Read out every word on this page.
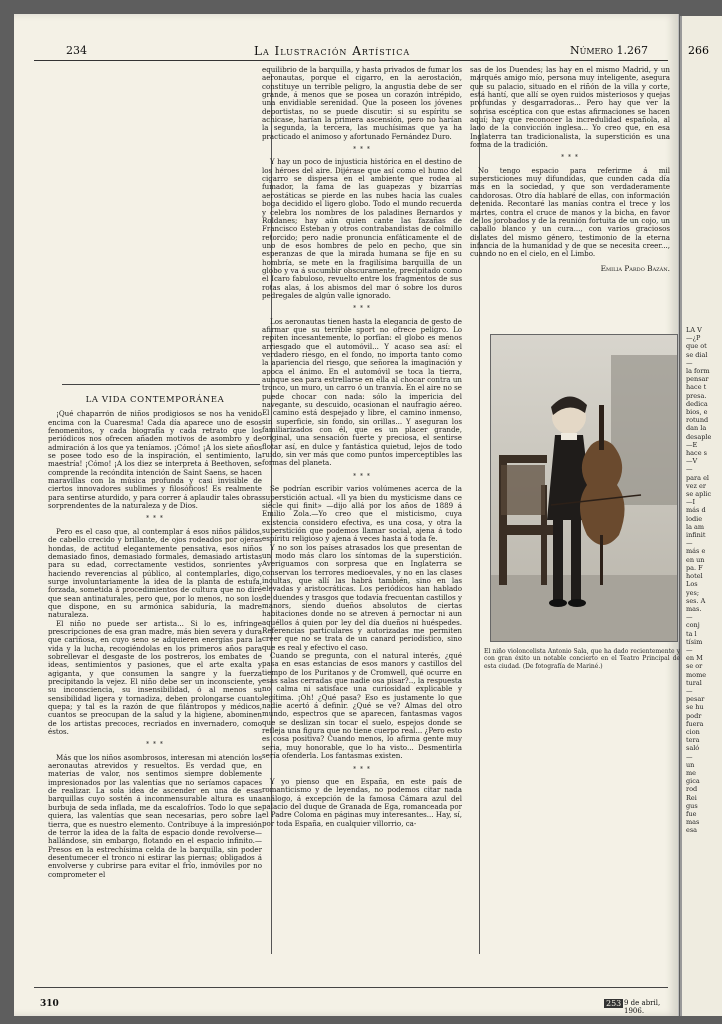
234	La Ilustración Artística	Número 1.267
LA VIDA CONTEMPORÁNEA

¡Qué chaparrón de niños prodigiosos se nos ha venido encima con la Cuaresma! Cada día aparece uno de esos fenomenitos, y cada biografía y cada retrato que los periódicos nos ofrecen añaden motivos de asombro y de admiración á los que ya teníamos. ¡Cómo! ¡A los siete años se posee todo eso de la inspiración, el sentimiento, la maestría! ¡Cómo! ¡A los diez se interpreta á Beethoven, se comprende la recóndita intención de Saint Saens, se hacen maravillas con la música profunda y casi invisible de ciertos innovadores sublimes y filosóficos! Es realmente para sentirse aturdido, y para correr á aplaudir tales obras sorprendentes de la naturaleza y de Dios.

* * *

Pero es el caso que, al contemplar á esos niños pálidos, de cabello crecido y brillante, de ojos rodeados por ojeras hondas, de actitud elegantemente pensativa, esos niños demasiado finos, demasiado formales, demasiado artistas para su edad, correctamente vestidos, sonrientes y haciendo reverencias al público, al contemplarles, digo, surge involuntariamente la idea de la planta de estufa, forzada, sometida á procedimientos de cultura que no diré que sean antinaturales, pero que, por lo menos, no son los que dispone, en su armónica sabiduría, la madre naturaleza.

El niño no puede ser artista... Si lo es, infringe prescripciones de esa gran madre, más bien severa y dura que cariñosa, en cuyo seno se adquieren energías para la vida y la lucha, recogiéndolas en los primeros años para sobrellevar el desgaste de los postreros, los embates de ideas, sentimientos y pasiones, que el arte exalta y agiganta, y que consumen la sangre y la fuerza precipitando la vejez. El niño debe ser un inconsciente, y su inconsciencia, su insensibilidad, ó al menos su sensibilidad ligera y tornadiza, deben prolongarse cuanto quepa; y tal es la razón de que filántropos y médicos, cuantos se preocupan de la salud y la higiene, abominen de los artistas precoces, recriados en invernadero, como éstos.

* * *

Más que los niños asombrosos, interesan mi atención los aeronautas atrevidos y resueltos. Es verdad que, en materias de valor, nos sentimos siempre doblemente impresionados por las valentías que no seríamos capaces de realizar. La sola idea de ascender en una de esas barquillas cuyo sostén á inconmensurable altura es una burbuja de seda inflada, me da escalofríos. Todo lo que se quiera, las valentías que sean necesarias, pero sobre la tierra, que es nuestro elemento. Contribuye á la impresión de terror la idea de la falta de espacio donde revolverse—hallándose, sin embargo, flotando en el espacio infinito.—Presos en la estrechísima celda de la barquilla, sin poder desentumecer el tronco ni estirar las piernas; obligados á envolverse y cubrirse para evitar el frío, inmóviles por no comprometer el

equilibrio de la barquilla, y hasta privados de fumar los aeronautas, porque el cigarro, en la aerostación, constituye un terrible peligro, la angustia debe de ser grande, á menos que se posea un corazón intrépido, una envidiable serenidad. Que la poseen los jóvenes deportistas, no se puede discutir: si su espíritu se achicase, harían la primera ascensión, pero no harían la segunda, la tercera, las muchísimas que ya ha practicado el animoso y afortunado Fernández Duro.

* * *

Y hay un poco de injusticia histórica en el destino de los héroes del aire. Dijérase que así como el humo del cigarro se dispersa en el ambiente que rodea al fumador, la fama de las guapezas y bizarrías aerostáticas se pierde en las nubes hacia las cuales boga decidido el ligero globo. Todo el mundo recuerda y celebra los nombres de los paladines Bernardos y Roldanes; hay aún quien cante las fazañas de Francisco Esteban y otros contrabandistas de colmillo retorcido; pero nadie pronuncia enfáticamente el de uno de esos hombres de pelo en pecho, que sin esperanzas de que la mirada humana se fije en su hombría, se mete en la fragilísima barquilla de un globo y va á sucumbir obscuramente, precipitado como el Icaro fabuloso, revuelto entre los fragmentos de sus rotas alas, á los abismos del mar ó sobre los duros pedregales de algún valle ignorado.

* * *

Los aeronautas tienen hasta la elegancia de gesto de afirmar que su terrible sport no ofrece peligro. Lo repiten incesantemente, lo porfían: el globo es menos arriesgado que el automóvil... Y acaso sea así: el verdadero riesgo, en el fondo, no importa tanto como la apariencia del riesgo, que señorea la imaginación y apoca el ánimo. En el automóvil se toca la tierra, aunque sea para estrellarse en ella al chocar contra un tronco, un muro, un carro ó un tranvía. En el aire no se puede chocar con nada: sólo la impericia del navegante, su descuido, ocasionan el naufragio aéreo. El camino está despejado y libre, el camino inmenso, sin superficie, sin fondo, sin orillas... Y aseguran los familiarizados con él, que es un placer grande, original, una sensación fuerte y preciosa, el sentirse flotar así, en dulce y fantástica quietud, lejos de todo ruido, sin ver más que como puntos imperceptibles las formas del planeta.

* * *

Se podrían escribir varios volúmenes acerca de la superstición actual. «Il ya bien du mysticisme dans ce siècle qui finit» —dijo allá por los años de 1889 á Emilio Zola.—Yo creo que el misticismo, cuya existencia considero efectiva, es una cosa, y otra la superstición que podemos llamar social, ajena á todo espíritu religioso y ajena á veces hasta á toda fe.

Y no son los países atrasados los que presentan de un modo más claro los síntomas de la superstición. Averiguamos con sorpresa que en Inglaterra se conservan los terrores medioevales, y no en las clases incultas, que allí las habrá también, sino en las elevadas y aristocráticas. Los periódicos han hablado de duendes y trasgos que todavía frecuentan castillos y manors, siendo dueños absolutos de ciertas habitaciones donde no se atreven á pernoctar ni aun aquéllos á quien por ley del día dueños ni huéspedes. Referencias particulares y autorizadas me permiten creer que no se trata de un canard periodístico, sino que es real y efectivo el caso.

Cuando se pregunta, con el natural interés, ¿qué pasa en esas estancias de esos manors y castillos del tiempo de los Puritanos y de Cromwell, qué ocurre en esas salas cerradas que nadie osa pisar?.., la respuesta no calma ni satisface una curiosidad explicable y legítima. ¡Oh! ¿Qué pasa? Eso es justamente lo que nadie acertó á definir. ¿Qué se ve? Almas del otro mundo, espectros que se aparecen, fantasmas vagos que se deslizan sin tocar el suelo, espejos donde se refleja una figura que no tiene cuerpo real... ¿Pero esto es cosa positiva? Cuando menos, lo afirma gente muy seria, muy honorable, que lo ha visto... Desmentirla sería ofenderla. Los fantasmas existen.

* * *

Y yo pienso que en España, en este país de romanticismo y de leyendas, no podemos citar nada análogo, á excepción de la famosa Cámara azul del palacio del duque de Granada de Ega, romanceada por el Padre Coloma en páginas muy interesantes... Hay, sí, por toda España, en cualquier villorrio, ca-

sas de los Duendes; las hay en el mismo Madrid, y un marqués amigo mío, persona muy inteligente, asegura que su palacio, situado en el riñón de la villa y corte, está hantí, que allí se oyen ruidos misteriosos y quejas profundas y desgarradoras... Pero hay que ver la sonrisa escéptica con que estas afirmaciones se hacen aquí; hay que reconocer la incredulidad española, al lado de la convicción inglesa... Yo creo que, en esa Inglaterra tan tradicionalista, la superstición es una forma de la tradición.

* * *

No tengo espacio para referirme á mil supersticiones muy difundidas, que cunden cada día más en la sociedad, y que son verdaderamente candorosas. Otro día hablaré de ellas, con información detenida. Recontaré las manías contra el trece y los martes, contra el cruce de manos y la bicha, en favor de los jorobados y de la reunión fortuita de un cojo, un caballo blanco y un cura..., con varios graciosos dislates del mismo género, testimonio de la eterna infancia de la humanidad y de que se necesita creer..., cuando no en el cielo, en el Limbo.

Emilia Pardo Bazán.
El niño violoncelista Antonio Sala, que ha dado recientemente y con gran éxito un notable concierto en el Teatro Principal de esta ciudad. (De fotografía de Mariné.)
310	253 9 de abril, 1906.
266
LA V
—¿P
que ot
se dial
—
la form
pensar
hace t
presa.
dedica
bios, e
rotund
dan la
desaple
—E
hace s
—V
—
para el
vez er
se aplic
—I
más d
lodie
la am
infinit
—
más e
en un
pa. F
hotel
Los
yes;
ses. A
mas.
—
conj
ta l
tísim
—
en M
se or
mome
tural
—
pesar
se hu
podr
fuera
cion
tera
saló
—
un
me
gica
rod
Rei
gus
fue
mas
esa
